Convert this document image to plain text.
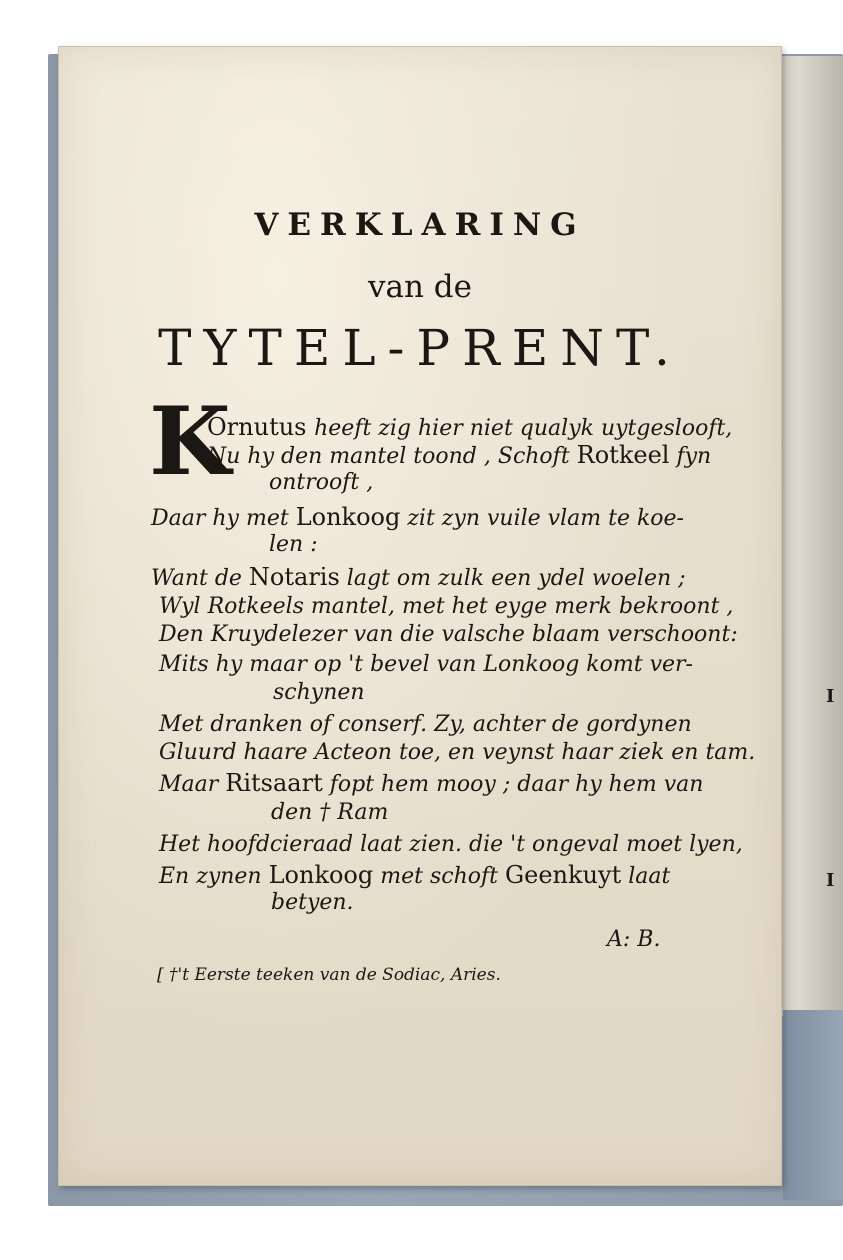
I
I
VERKLARING
van de
TYTEL-PRENT.
K
Ornutus heeft zig hier niet qualyk uytgeslooft,
Nu hy den mantel toond , Schoft Rotkeel fyn
ontrooft ,
Daar hy met Lonkoog zit zyn vuile vlam te koe-
len :
Want de Notaris lagt om zulk een ydel woelen ;
Wyl Rotkeels mantel, met het eyge merk bekroont ,
Den Kruydelezer van die valsche blaam verschoont:
Mits hy maar op 't bevel van Lonkoog komt ver-
schynen
Met dranken of conserf. Zy, achter de gordynen
Gluurd haare Acteon toe, en veynst haar ziek en tam.
Maar Ritsaart fopt hem mooy ; daar hy hem van
den † Ram
Het hoofdcieraad laat zien. die 't ongeval moet lyen,
En zynen Lonkoog met schoft Geenkuyt laat
betyen.
A: B.
[ †'t Eerste teeken van de Sodiac, Aries.
